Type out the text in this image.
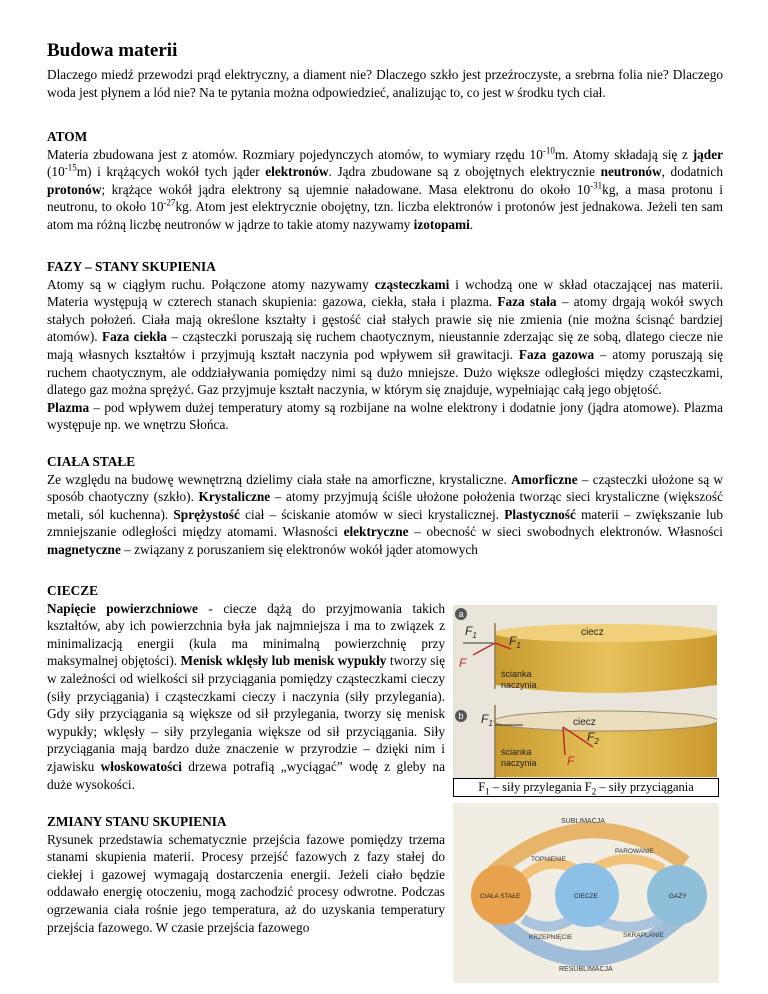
Budowa materii

Dlaczego miedź przewodzi prąd elektryczny, a diament nie? Dlaczego szkło jest przeźroczyste, a srebrna folia nie? Dlaczego woda jest płynem a lód nie? Na te pytania można odpowiedzieć, analizując to, co jest w środku tych ciał.

ATOM

Materia zbudowana jest z atomów. Rozmiary pojedynczych atomów, to wymiary rzędu $10^{-10}m$. Atomy składają się z jąder $(10^{-15}m)$ i krążących wokół tych jąder elektronów. Jądra zbudowane są z obojętnych elektrycznie neutronów, dodatnich protonów; krążące wokół jądra elektrony są ujemnie naładowane. Masa elektronu do około $10^{-31}kg$, a masa protonu i neutronu, to około $10^{-27}kg$. Atom jest elektrycznie obojętny, tzn. liczba elektronów i protonów jest jednakowa. Jeżeli ten sam atom ma różną liczbę neutronów w jądrze to takie atomy nazywamy izotopami.

FAZY – STANY SKUPIENIA

Atomy są w ciągłym ruchu. Połączone atomy nazywamy cząsteczkami i wchodzą one w skład otaczającej nas materii. Materia występują w czterech stanach skupienia: gazowa, ciekła, stała i plazma. Faza stała – atomy drgają wokół swych stałych położeń. Ciała mają określone kształty i gęstość ciał stałych prawie się nie zmienia (nie można ścisnąć bardziej atomów). Faza ciekła – cząsteczki poruszają się ruchem chaotycznym, nieustannie zderzając się ze sobą, dlatego ciecze nie mają własnych kształtów i przyjmują kształt naczynia pod wpływem sił grawitacji. Faza gazowa – atomy poruszają się ruchem chaotycznym, ale oddziaływania pomiędzy nimi są dużo mniejsze. Dużo większe odległości między cząsteczkami, dlatego gaz można sprężyć. Gaz przyjmuje kształt naczynia, w którym się znajduje, wypełniając całą jego objętość.
Plazma – pod wpływem dużej temperatury atomy są rozbijane na wolne elektrony i dodatnie jony (jądra atomowe). Plazma występuje np. we wnętrzu Słońca.

CIAŁA STAŁE

Ze względu na budowę wewnętrzną dzielimy ciała stałe na amorficzne, krystaliczne. Amorficzne – cząsteczki ułożone są w sposób chaotyczny (szkło). Krystaliczne – atomy przyjmują ściśle ułożone położenia tworząc sieci krystaliczne (większość metali, sól kuchenna). Sprężystość ciał – ściskanie atomów w sieci krystalicznej. Plastyczność materii – zwiększanie lub zmniejszanie odległości między atomami. Własności elektryczne – obecność w sieci swobodnych elektronów. Własności magnetyczne – związany z poruszaniem się elektronów wokół jąder atomowych

CIECZE

Napięcie powierzchniowe - ciecze dążą do przyjmowania takich kształtów, aby ich powierzchnia była jak najmniejsza i ma to związek z minimalizacją energii (kula ma minimalną powierzchnię przy maksymalnej objętości). Menisk wklęsły lub menisk wypukły tworzy się w zależności od wielkości sił przyciągania pomiędzy cząsteczkami cieczy (siły przyciągania) i cząsteczkami cieczy i naczynia (siły przylegania). Gdy siły przyciągania są większe od sił przylegania, tworzy się menisk wypukły; wklęsły – siły przylegania większe od sił przyciągania. Siły przyciągania mają bardzo duże znaczenie w przyrodzie – dzięki nim i zjawisku włoskowatości drzewa potrafią „wyciągać” wodę z gleby na duże wysokości.

a
b
$F_1$	ciecz
$F_1$
F
ścianka
naczynia
$F_1$	ciecz
$F_2$
F
ścianka
naczynia
$F_1$ – siły przylegania $F_2$ – siły przyciągania

ZMIANY STANU SKUPIENIA

Rysunek przedstawia schematycznie przejścia fazowe pomiędzy trzema stanami skupienia materii. Procesy przejść fazowych z fazy stałej do ciekłej i gazowej wymagają dostarczenia energii. Jeżeli ciało będzie oddawało energię otoczeniu, mogą zachodzić procesy odwrotne. Podczas ogrzewania ciała rośnie jego temperatura, aż do uzyskania temperatury przejścia fazowego. W czasie przejścia fazowego

SUBLIMACJA
TOPNIENIE
PAROWANIE
CIAŁA STAŁE	CIECZE	GAZY
KRZEPNIĘCIE	SKRAPLANIE
RESUBLIMACJA
